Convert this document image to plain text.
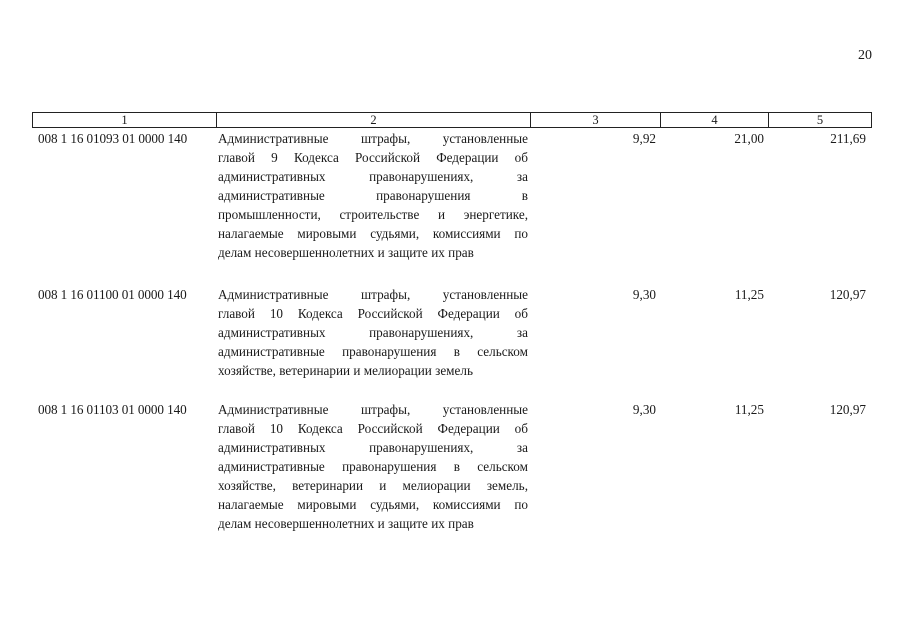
20
1	2	3	4	5
008 1 16 01093 01 0000 140	Административные штрафы, установленные
главой 9 Кодекса Российской Федерации об
административных правонарушениях, за
административные правонарушения в
промышленности, строительстве и энергетике,
налагаемые мировыми судьями, комиссиями по
делам несовершеннолетних и защите их прав
9,92	21,00	211,69
008 1 16 01100 01 0000 140	Административные штрафы, установленные
главой 10 Кодекса Российской Федерации об
административных правонарушениях, за
административные правонарушения в сельском
хозяйстве, ветеринарии и мелиорации земель
9,30	11,25	120,97
008 1 16 01103 01 0000 140	Административные штрафы, установленные
главой 10 Кодекса Российской Федерации об
административных правонарушениях, за
административные правонарушения в сельском
хозяйстве, ветеринарии и мелиорации земель,
налагаемые мировыми судьями, комиссиями по
делам несовершеннолетних и защите их прав
9,30	11,25	120,97
